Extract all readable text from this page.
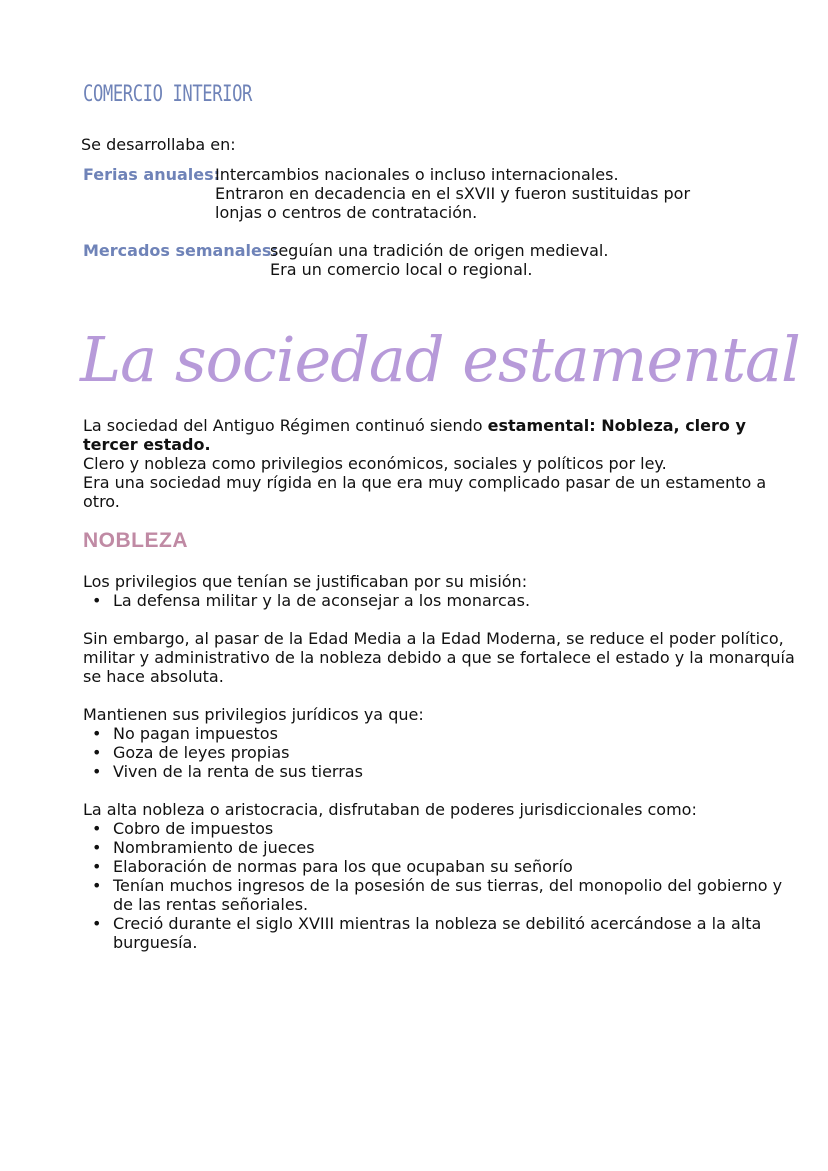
COMERCIO INTERIOR
Se desarrollaba en:
Ferias anuales:
Intercambios nacionales o incluso internacionales.
Entraron en decadencia en el sXVII y fueron sustituidas por
lonjas o centros de contratación.
Mercados semanales:
seguían una tradición de origen medieval.
Era un comercio local o regional.
La sociedad estamental
La sociedad del Antiguo Régimen continuó siendo estamental: Nobleza, clero y tercer estado.
Clero y nobleza como privilegios económicos, sociales y políticos por ley.
Era una sociedad muy rígida en la que era muy complicado pasar de un estamento a otro.
NOBLEZA
Los privilegios que tenían se justificaban por su misión:
• La defensa militar y la de aconsejar a los monarcas.
Sin embargo, al pasar de la Edad Media a la Edad Moderna, se reduce el poder político, militar y administrativo de la nobleza debido a que se fortalece el estado y la monarquía se hace absoluta.
Mantienen sus privilegios jurídicos ya que:
• No pagan impuestos
• Goza de leyes propias
• Viven de la renta de sus tierras
La alta nobleza o aristocracia, disfrutaban de poderes jurisdiccionales como:
• Cobro de impuestos
• Nombramiento de jueces
• Elaboración de normas para los que ocupaban su señorío
• Tenían muchos ingresos de la posesión de sus tierras, del monopolio del gobierno y de las rentas señoriales.
• Creció durante el siglo XVIII mientras la nobleza se debilitó acercándose a la alta burguesía.
